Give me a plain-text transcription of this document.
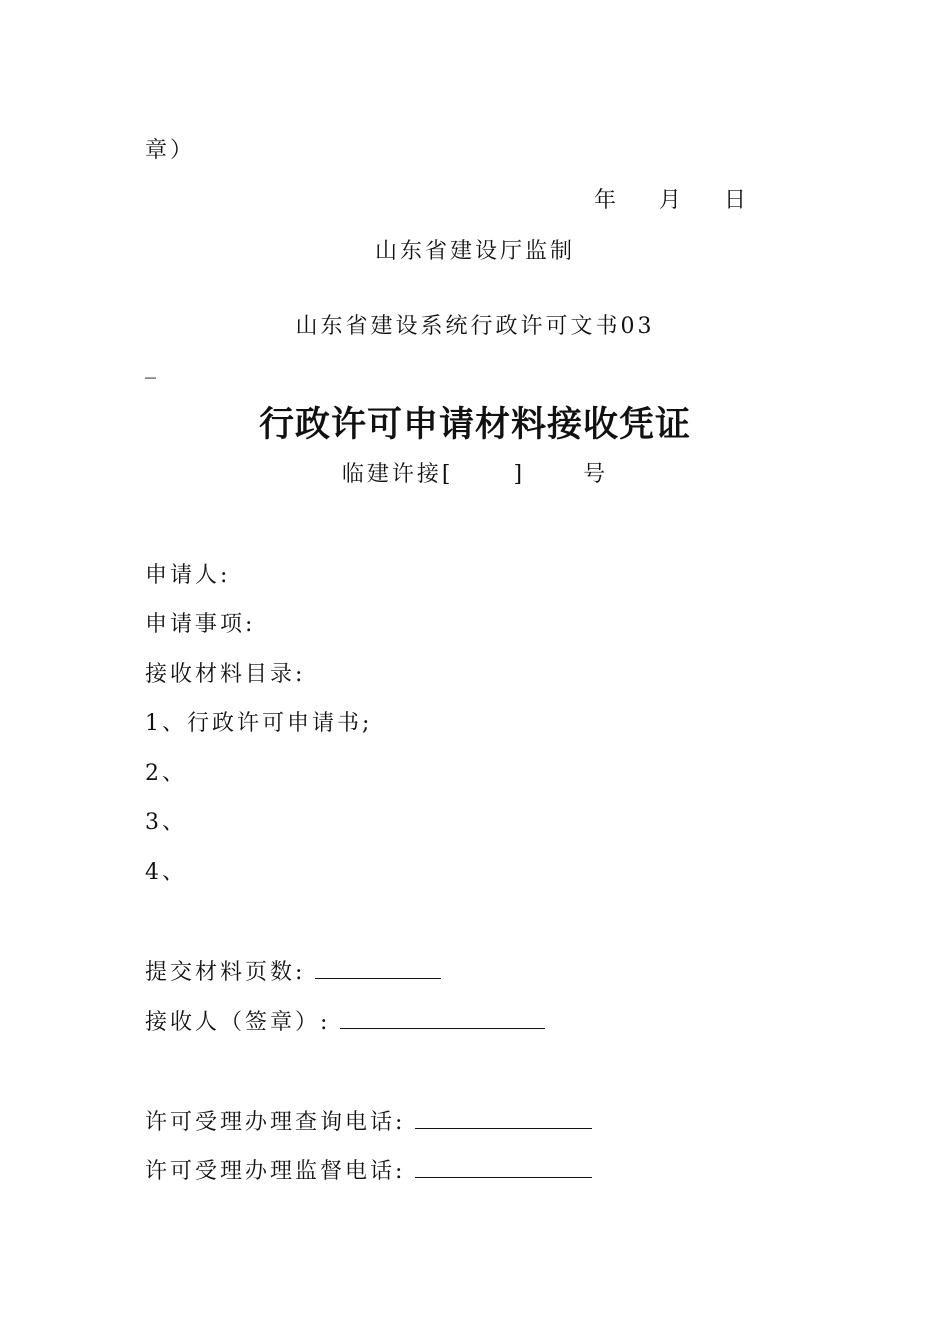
章）
年 月 日
山东省建设厅监制
山东省建设系统行政许可文书03
_
行政许可申请材料接收凭证
临建许接[	]	号
申请人:
申请事项:
接收材料目录:
1、行政许可申请书;
2、
3、
4、
提交材料页数:
接收人（签章）:
许可受理办理查询电话:
许可受理办理监督电话:
